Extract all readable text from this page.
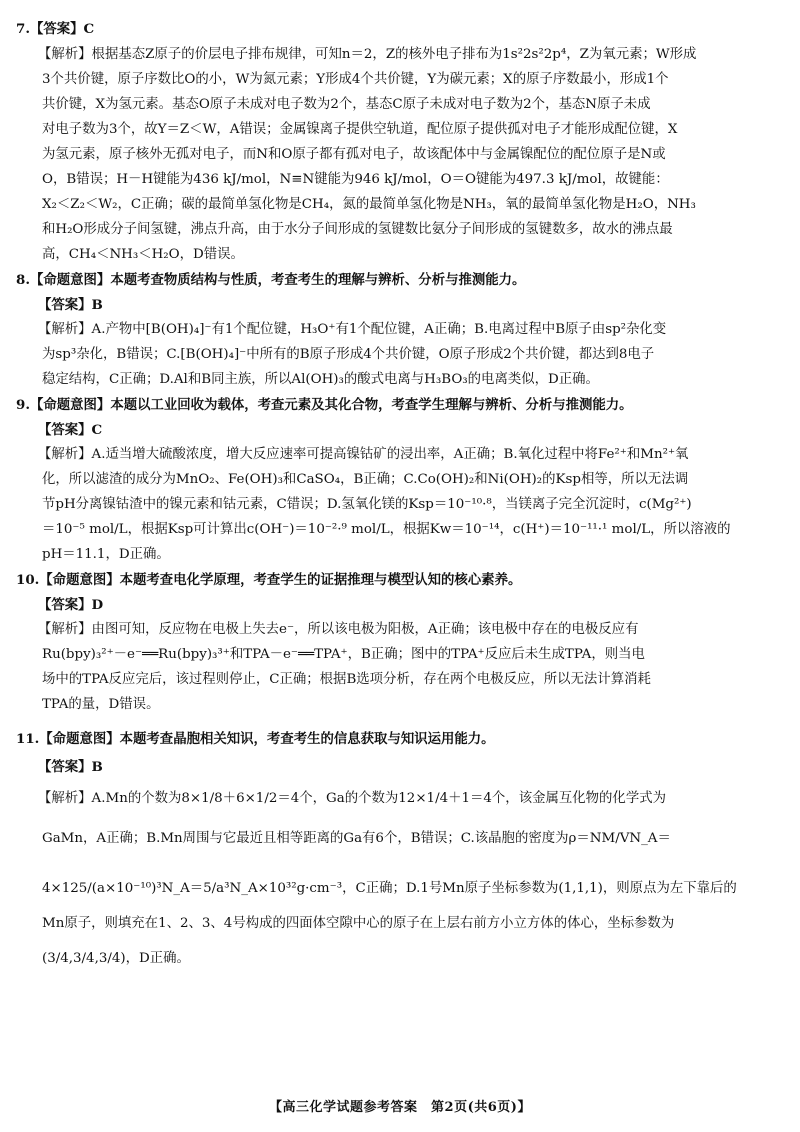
7.【答案】C
【解析】根据基态Z原子的价层电子排布规律，可知n＝2，Z的核外电子排布为1s²2s²2p⁴，Z为氧元素；W形成
3个共价键，原子序数比O的小，W为氮元素；Y形成4个共价键，Y为碳元素；X的原子序数最小，形成1个
共价键，X为氢元素。基态O原子未成对电子数为2个，基态C原子未成对电子数为2个，基态N原子未成
对电子数为3个，故Y＝Z＜W，A错误；金属镍离子提供空轨道，配位原子提供孤对电子才能形成配位键，X
为氢元素，原子核外无孤对电子，而N和O原子都有孤对电子，故该配体中与金属镍配位的配位原子是N或
O，B错误；H－H键能为436 kJ/mol，N≡N键能为946 kJ/mol，O＝O键能为497.3 kJ/mol，故键能：
X₂＜Z₂＜W₂，C正确；碳的最简单氢化物是CH₄，氮的最简单氢化物是NH₃，氧的最简单氢化物是H₂O，NH₃
和H₂O形成分子间氢键，沸点升高，由于水分子间形成的氢键数比氨分子间形成的氢键数多，故水的沸点最
高，CH₄＜NH₃＜H₂O，D错误。
8.【命题意图】本题考查物质结构与性质，考查考生的理解与辨析、分析与推测能力。
【答案】B
【解析】A.产物中[B(OH)₄]⁻有1个配位键，H₃O⁺有1个配位键，A正确；B.电离过程中B原子由sp²杂化变
为sp³杂化，B错误；C.[B(OH)₄]⁻中所有的B原子形成4个共价键，O原子形成2个共价键，都达到8电子
稳定结构，C正确；D.Al和B同主族，所以Al(OH)₃的酸式电离与H₃BO₃的电离类似，D正确。
9.【命题意图】本题以工业回收为载体，考查元素及其化合物，考查学生理解与辨析、分析与推测能力。
【答案】C
【解析】A.适当增大硫酸浓度，增大反应速率可提高镍钴矿的浸出率，A正确；B.氧化过程中将Fe²⁺和Mn²⁺氧
化，所以滤渣的成分为MnO₂、Fe(OH)₃和CaSO₄，B正确；C.Co(OH)₂和Ni(OH)₂的Ksp相等，所以无法调
节pH分离镍钴渣中的镍元素和钴元素，C错误；D.氢氧化镁的Ksp＝10⁻¹⁰·⁸，当镁离子完全沉淀时，c(Mg²⁺)
＝10⁻⁵ mol/L，根据Ksp可计算出c(OH⁻)＝10⁻²·⁹ mol/L，根据Kw＝10⁻¹⁴，c(H⁺)＝10⁻¹¹·¹ mol/L，所以溶液的
pH＝11.1，D正确。
10.【命题意图】本题考查电化学原理，考查学生的证据推理与模型认知的核心素养。
【答案】D
【解析】由图可知，反应物在电极上失去e⁻，所以该电极为阳极，A正确；该电极中存在的电极反应有
Ru(bpy)₃²⁺－e⁻══Ru(bpy)₃³⁺和TPA－e⁻══TPA⁺，B正确；图中的TPA⁺反应后未生成TPA，则当电
场中的TPA反应完后，该过程则停止，C正确；根据B选项分析，存在两个电极反应，所以无法计算消耗
TPA的量，D错误。
11.【命题意图】本题考查晶胞相关知识，考查考生的信息获取与知识运用能力。
【答案】B
【解析】A.Mn的个数为8×1/8＋6×1/2＝4个，Ga的个数为12×1/4＋1＝4个，该金属互化物的化学式为
GaMn，A正确；B.Mn周围与它最近且相等距离的Ga有6个，B错误；C.该晶胞的密度为ρ＝NM/VN_A＝
4×125/(a×10⁻¹⁰)³N_A＝5/a³N_A×10³²g·cm⁻³，C正确；D.1号Mn原子坐标参数为(1,1,1)，则原点为左下靠后的
Mn原子，则填充在1、2、3、4号构成的四面体空隙中心的原子在上层右前方小立方体的体心，坐标参数为
(3/4,3/4,3/4)，D正确。
【高三化学试题参考答案　第2页(共6页)】
